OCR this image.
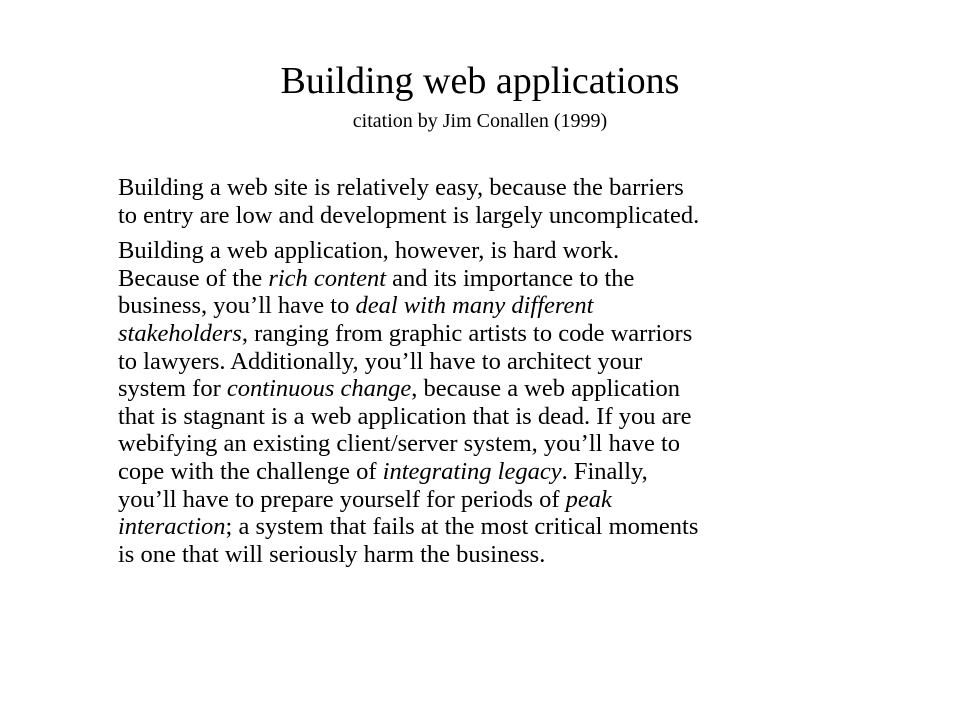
Building web applications

citation by Jim Conallen (1999)

Building a web site is relatively easy, because the barriers
to entry are low and development is largely uncomplicated.

Building a web application, however, is hard work.
Because of the rich content and its importance to the
business, you’ll have to deal with many different
stakeholders, ranging from graphic artists to code warriors
to lawyers. Additionally, you’ll have to architect your
system for continuous change, because a web application
that is stagnant is a web application that is dead. If you are
webifying an existing client/server system, you’ll have to
cope with the challenge of integrating legacy. Finally,
you’ll have to prepare yourself for periods of peak
interaction; a system that fails at the most critical moments
is one that will seriously harm the business.
